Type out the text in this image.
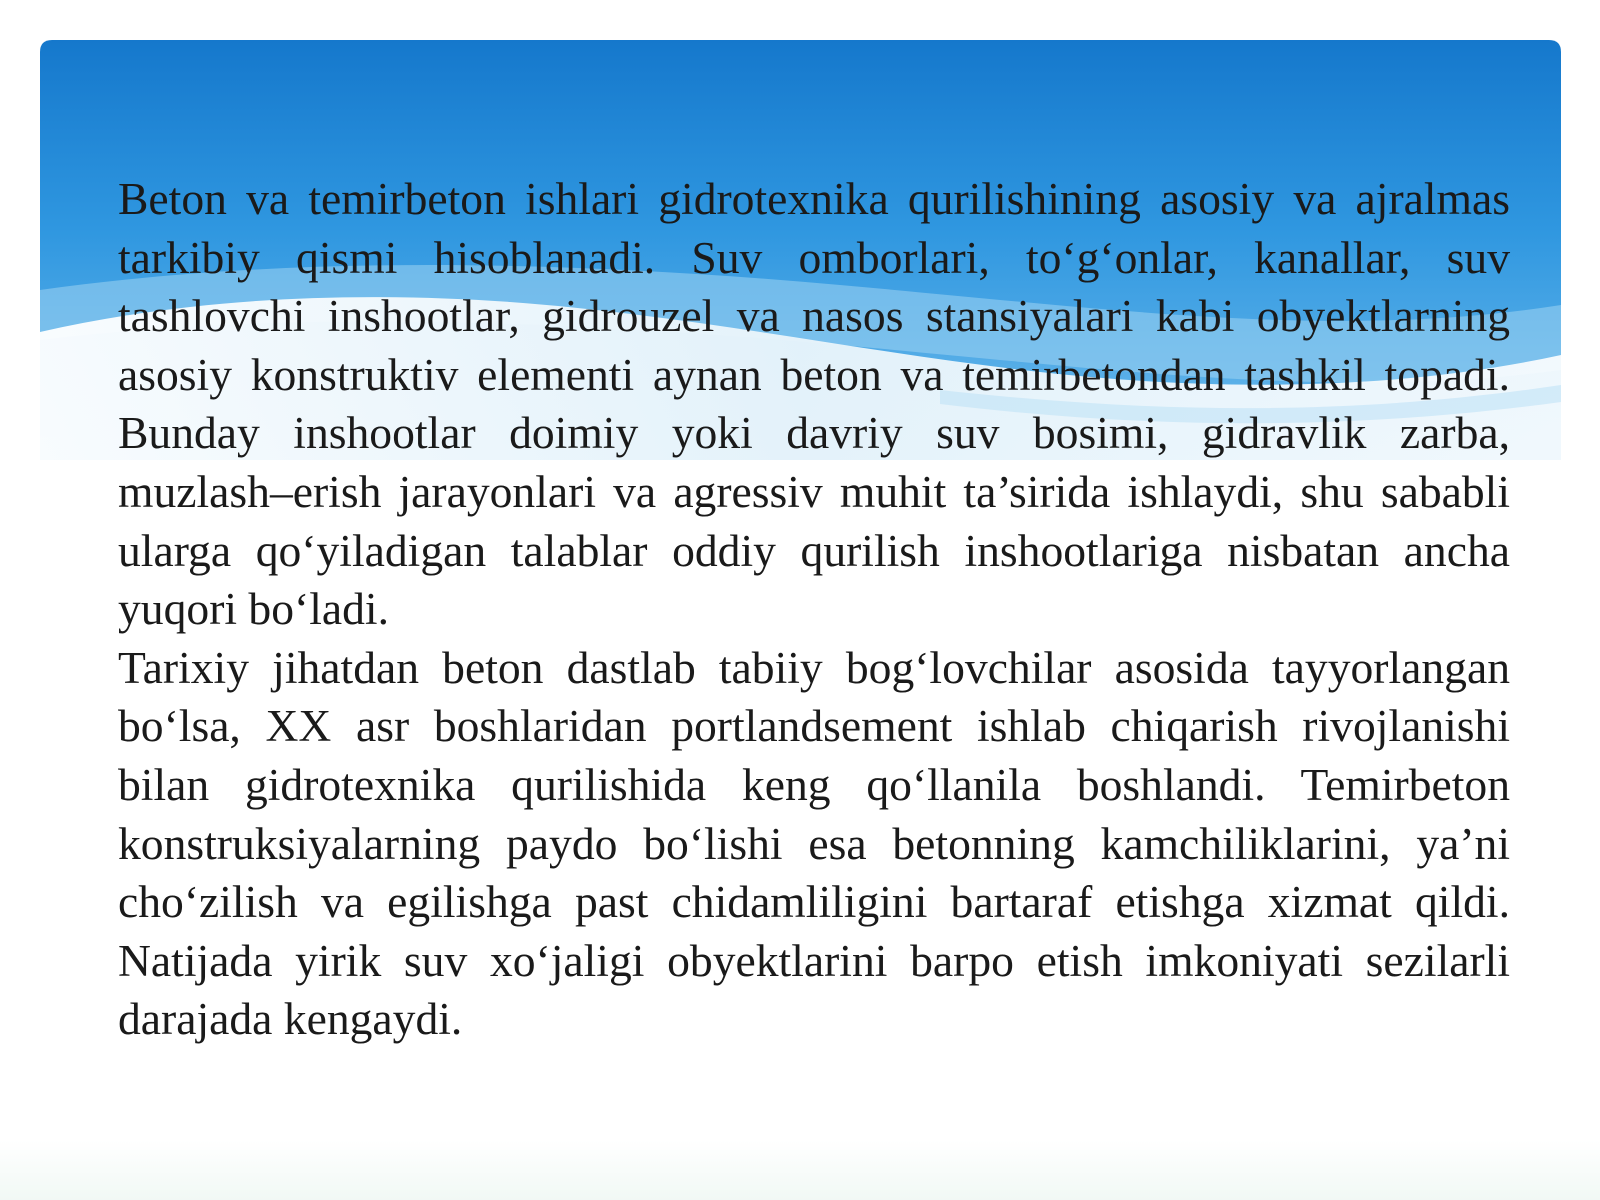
Beton va temirbeton ishlari gidrotexnika qurilishining asosiy va ajralmas tarkibiy qismi hisoblanadi. Suv omborlari, to‘g‘onlar, kanallar, suv tashlovchi inshootlar, gidrouzel va nasos stansiyalari kabi obyektlarning asosiy konstruktiv elementi aynan beton va temirbetondan tashkil topadi. Bunday inshootlar doimiy yoki davriy suv bosimi, gidravlik zarba, muzlash–erish jarayonlari va agressiv muhit ta’sirida ishlaydi, shu sababli ularga qo‘yiladigan talablar oddiy qurilish inshootlariga nisbatan ancha yuqori bo‘ladi.

Tarixiy jihatdan beton dastlab tabiiy bog‘lovchilar asosida tayyorlangan bo‘lsa, XX asr boshlaridan portlandsement ishlab chiqarish rivojlanishi bilan gidrotexnika qurilishida keng qo‘llanila boshlandi. Temirbeton konstruksiyalarning paydo bo‘lishi esa betonning kamchiliklarini, ya’ni cho‘zilish va egilishga past chidamliligini bartaraf etishga xizmat qildi. Natijada yirik suv xo‘jaligi obyektlarini barpo etish imkoniyati sezilarli darajada kengaydi.
